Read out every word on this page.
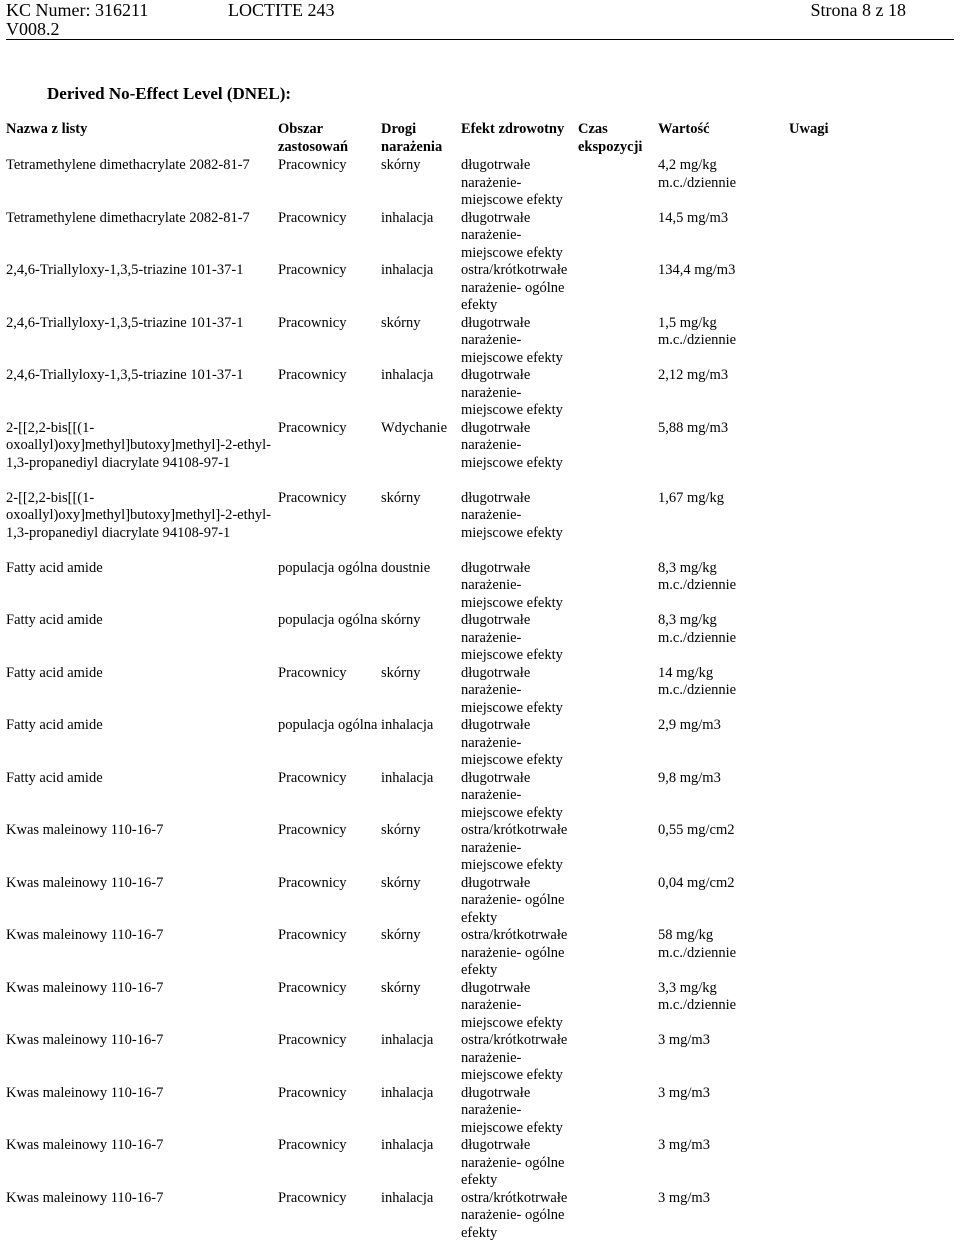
KC Numer: 316211	LOCTITE 243	Strona 8 z 18
V008.2
Derived No-Effect Level (DNEL):
Nazwa z listy	Obszar zastosowań	Drogi narażenia	Efekt zdrowotny	Czas ekspozycji	Wartość	Uwagi
Tetramethylene dimethacrylate 2082-81-7	Pracownicy	skórny	długotrwałe narażenie- miejscowe efekty		4,2 mg/kg m.c./dziennie	
Tetramethylene dimethacrylate 2082-81-7	Pracownicy	inhalacja	długotrwałe narażenie- miejscowe efekty		14,5 mg/m3	
2,4,6-Triallyloxy-1,3,5-triazine 101-37-1	Pracownicy	inhalacja	ostra/krótkotrwałe narażenie- ogólne efekty		134,4 mg/m3	
2,4,6-Triallyloxy-1,3,5-triazine 101-37-1	Pracownicy	skórny	długotrwałe narażenie- miejscowe efekty		1,5 mg/kg m.c./dziennie	
2,4,6-Triallyloxy-1,3,5-triazine 101-37-1	Pracownicy	inhalacja	długotrwałe narażenie- miejscowe efekty		2,12 mg/m3	
2-[[2,2-bis[[(1-oxoallyl)oxy]methyl]butoxy]methyl]-2-ethyl-1,3-propanediyl diacrylate 94108-97-1	Pracownicy	Wdychanie	długotrwałe narażenie- miejscowe efekty		5,88 mg/m3	
2-[[2,2-bis[[(1-oxoallyl)oxy]methyl]butoxy]methyl]-2-ethyl-1,3-propanediyl diacrylate 94108-97-1	Pracownicy	skórny	długotrwałe narażenie- miejscowe efekty		1,67 mg/kg	
Fatty acid amide	populacja ogólna	doustnie	długotrwałe narażenie- miejscowe efekty		8,3 mg/kg m.c./dziennie	
Fatty acid amide	populacja ogólna	skórny	długotrwałe narażenie- miejscowe efekty		8,3 mg/kg m.c./dziennie	
Fatty acid amide	Pracownicy	skórny	długotrwałe narażenie- miejscowe efekty		14 mg/kg m.c./dziennie	
Fatty acid amide	populacja ogólna	inhalacja	długotrwałe narażenie- miejscowe efekty		2,9 mg/m3	
Fatty acid amide	Pracownicy	inhalacja	długotrwałe narażenie- miejscowe efekty		9,8 mg/m3	
Kwas maleinowy 110-16-7	Pracownicy	skórny	ostra/krótkotrwałe narażenie- miejscowe efekty		0,55 mg/cm2	
Kwas maleinowy 110-16-7	Pracownicy	skórny	długotrwałe narażenie- ogólne efekty		0,04 mg/cm2	
Kwas maleinowy 110-16-7	Pracownicy	skórny	ostra/krótkotrwałe narażenie- ogólne efekty		58 mg/kg m.c./dziennie	
Kwas maleinowy 110-16-7	Pracownicy	skórny	długotrwałe narażenie- miejscowe efekty		3,3 mg/kg m.c./dziennie	
Kwas maleinowy 110-16-7	Pracownicy	inhalacja	ostra/krótkotrwałe narażenie- miejscowe efekty		3 mg/m3	
Kwas maleinowy 110-16-7	Pracownicy	inhalacja	długotrwałe narażenie- miejscowe efekty		3 mg/m3	
Kwas maleinowy 110-16-7	Pracownicy	inhalacja	długotrwałe narażenie- ogólne efekty		3 mg/m3	
Kwas maleinowy 110-16-7	Pracownicy	inhalacja	ostra/krótkotrwałe narażenie- ogólne efekty		3 mg/m3	
